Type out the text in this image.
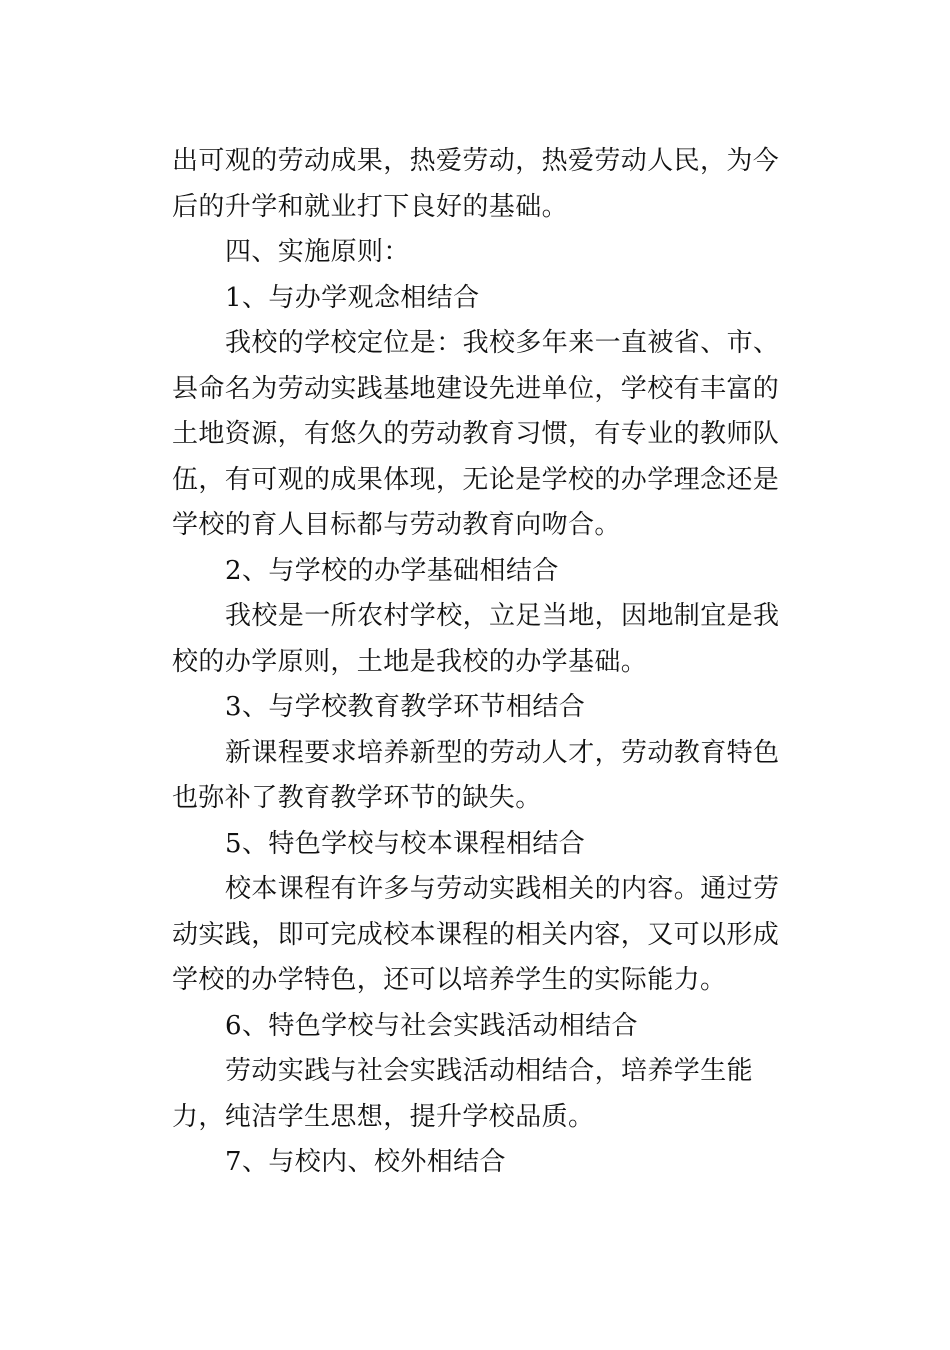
出可观的劳动成果，热爱劳动，热爱劳动人民，为今
后的升学和就业打下良好的基础。
四、实施原则：
1、与办学观念相结合
我校的学校定位是：我校多年来一直被省、市、
县命名为劳动实践基地建设先进单位，学校有丰富的
土地资源，有悠久的劳动教育习惯，有专业的教师队
伍，有可观的成果体现，无论是学校的办学理念还是
学校的育人目标都与劳动教育向吻合。
2、与学校的办学基础相结合
我校是一所农村学校，立足当地，因地制宜是我
校的办学原则，土地是我校的办学基础。
3、与学校教育教学环节相结合
新课程要求培养新型的劳动人才，劳动教育特色
也弥补了教育教学环节的缺失。
5、特色学校与校本课程相结合
校本课程有许多与劳动实践相关的内容。通过劳
动实践，即可完成校本课程的相关内容，又可以形成
学校的办学特色，还可以培养学生的实际能力。
6、特色学校与社会实践活动相结合
劳动实践与社会实践活动相结合，培养学生能
力，纯洁学生思想，提升学校品质。
7、与校内、校外相结合
